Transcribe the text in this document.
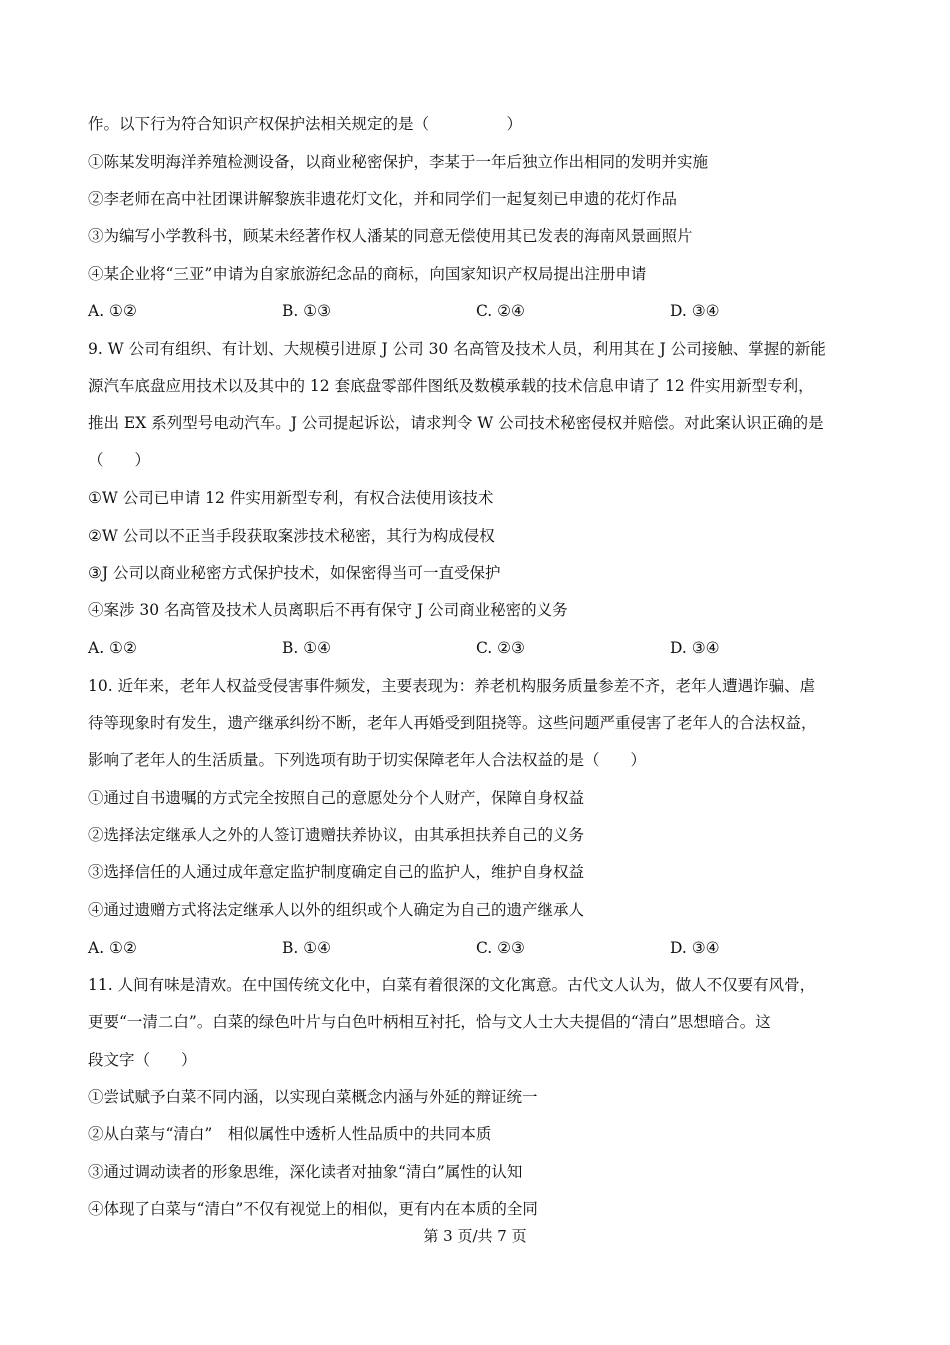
作。以下行为符合知识产权保护法相关规定的是（　　　　　）
①陈某发明海洋养殖检测设备，以商业秘密保护，李某于一年后独立作出相同的发明并实施
②李老师在高中社团课讲解黎族非遗花灯文化，并和同学们一起复刻已申遗的花灯作品
③为编写小学教科书，顾某未经著作权人潘某的同意无偿使用其已发表的海南风景画照片
④某企业将“三亚”申请为自家旅游纪念品的商标，向国家知识产权局提出注册申请
A. ①②	B. ①③	C. ②④	D. ③④
9. W 公司有组织、有计划、大规模引进原 J 公司 30 名高管及技术人员，利用其在 J 公司接触、掌握的新能
源汽车底盘应用技术以及其中的 12 套底盘零部件图纸及数模承载的技术信息申请了 12 件实用新型专利，
推出 EX 系列型号电动汽车。J 公司提起诉讼，请求判令 W 公司技术秘密侵权并赔偿。对此案认识正确的是
（　　）
①W 公司已申请 12 件实用新型专利，有权合法使用该技术
②W 公司以不正当手段获取案涉技术秘密，其行为构成侵权
③J 公司以商业秘密方式保护技术，如保密得当可一直受保护
④案涉 30 名高管及技术人员离职后不再有保守 J 公司商业秘密的义务
A. ①②	B. ①④	C. ②③	D. ③④
10. 近年来，老年人权益受侵害事件频发，主要表现为：养老机构服务质量参差不齐，老年人遭遇诈骗、虐
待等现象时有发生，遗产继承纠纷不断，老年人再婚受到阻挠等。这些问题严重侵害了老年人的合法权益，
影响了老年人的生活质量。下列选项有助于切实保障老年人合法权益的是（　　）
①通过自书遗嘱的方式完全按照自己的意愿处分个人财产，保障自身权益
②选择法定继承人之外的人签订遗赠扶养协议，由其承担扶养自己的义务
③选择信任的人通过成年意定监护制度确定自己的监护人，维护自身权益
④通过遗赠方式将法定继承人以外的组织或个人确定为自己的遗产继承人
A. ①②	B. ①④	C. ②③	D. ③④
11. 人间有味是清欢。在中国传统文化中，白菜有着很深的文化寓意。古代文人认为，做人不仅要有风骨，
更要“一清二白”。白菜的绿色叶片与白色叶柄相互衬托，恰与文人士大夫提倡的“清白”思想暗合。这
段文字（　　）
①尝试赋予白菜不同内涵，以实现白菜概念内涵与外延的辩证统一
②从白菜与“清白”　相似属性中透析人性品质中的共同本质
③通过调动读者的形象思维，深化读者对抽象“清白”属性的认知
④体现了白菜与“清白”不仅有视觉上的相似，更有内在本质的全同
第 3 页/共 7 页
